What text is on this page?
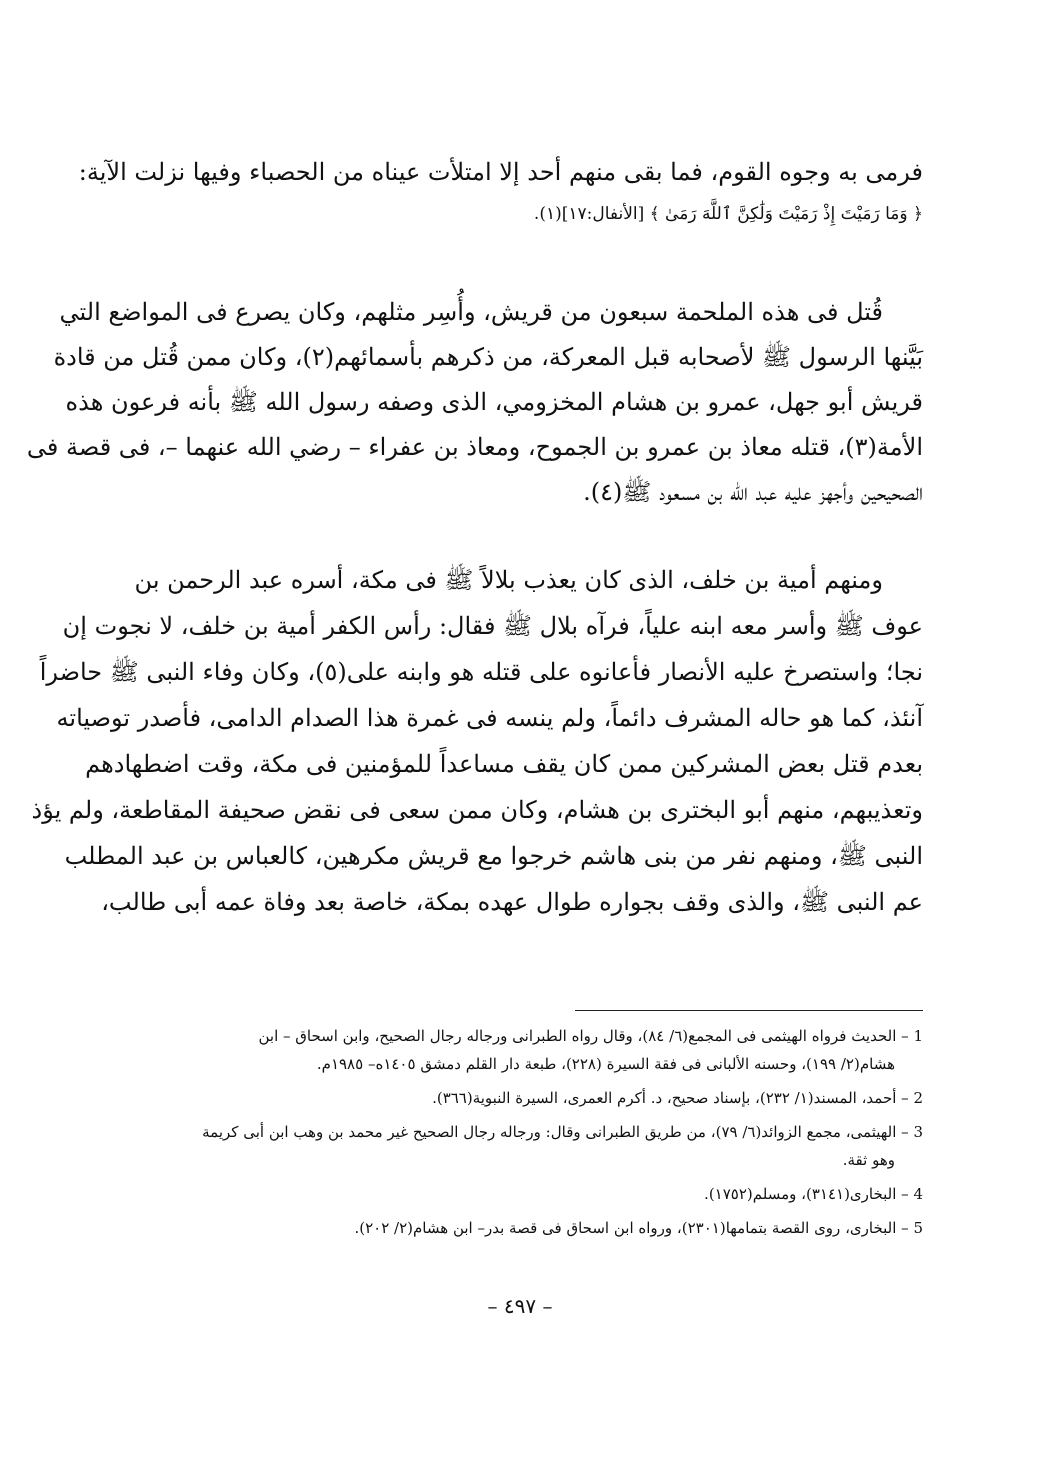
فرمى به وجوه القوم، فما بقى منهم أحد إلا امتلأت عيناه من الحصباء وفيها نزلت الآية:
﴿ وَمَا رَمَيْتَ إِذْ رَمَيْتَ وَلَٰكِنَّ ٱللَّهَ رَمَىٰ ﴾ [الأنفال:١٧](١).
قُتل فى هذه الملحمة سبعون من قريش، وأُسِر مثلهم، وكان يصرع فى المواضع التي
بَيَّنها الرسول ﷺ لأصحابه قبل المعركة، من ذكرهم بأسمائهم(٢)، وكان ممن قُتل من قادة
قريش أبو جهل، عمرو بن هشام المخزومي، الذى وصفه رسول الله ﷺ بأنه فرعون هذه
الأمة(٣)، قتله معاذ بن عمرو بن الجموح، ومعاذ بن عفراء – رضي الله عنهما –، فى قصة فى
الصحيحين وأجهز عليه عبد الله بن مسعود ﷺ(٤).
ومنهم أمية بن خلف، الذى كان يعذب بلالاً ﷺ فى مكة، أسره عبد الرحمن بن
عوف ﷺ وأسر معه ابنه علياً، فرآه بلال ﷺ فقال: رأس الكفر أمية بن خلف، لا نجوت إن
نجا؛ واستصرخ عليه الأنصار فأعانوه على قتله هو وابنه على(٥)، وكان وفاء النبى ﷺ حاضراً
آنئذ، كما هو حاله المشرف دائماً، ولم ينسه فى غمرة هذا الصدام الدامى، فأصدر توصياته
بعدم قتل بعض المشركين ممن كان يقف مساعداً للمؤمنين فى مكة، وقت اضطهادهم
وتعذيبهم، منهم أبو البخترى بن هشام، وكان ممن سعى فى نقض صحيفة المقاطعة، ولم يؤذ
النبى ﷺ، ومنهم نفر من بنى هاشم خرجوا مع قريش مكرهين، كالعباس بن عبد المطلب
عم النبى ﷺ، والذى وقف بجواره طوال عهده بمكة، خاصة بعد وفاة عمه أبى طالب،
1 – الحديث فرواه الهيثمى فى المجمع(٦/ ٨٤)، وقال رواه الطبرانى ورجاله رجال الصحيح، وابن اسحاق – ابن
هشام(٢/ ١٩٩)، وحسنه الألبانى فى فقة السيرة (٢٢٨)، طبعة دار القلم دمشق ١٤٠٥ه– ١٩٨٥م.
2 – أحمد، المسند(١/ ٢٣٢)، بإسناد صحيح، د. أكرم العمرى، السيرة النبوية(٣٦٦).
3 – الهيثمى، مجمع الزوائد(٦/ ٧٩)، من طريق الطبرانى وقال: ورجاله رجال الصحيح غير محمد بن وهب ابن أبى كريمة
وهو ثقة.
4 – البخارى(٣١٤١)، ومسلم(١٧٥٢).
5 – البخارى، روى القصة بتمامها(٢٣٠١)، ورواه ابن اسحاق فى قصة بدر– ابن هشام(٢/ ٢٠٢).
– ٤٩٧ –
